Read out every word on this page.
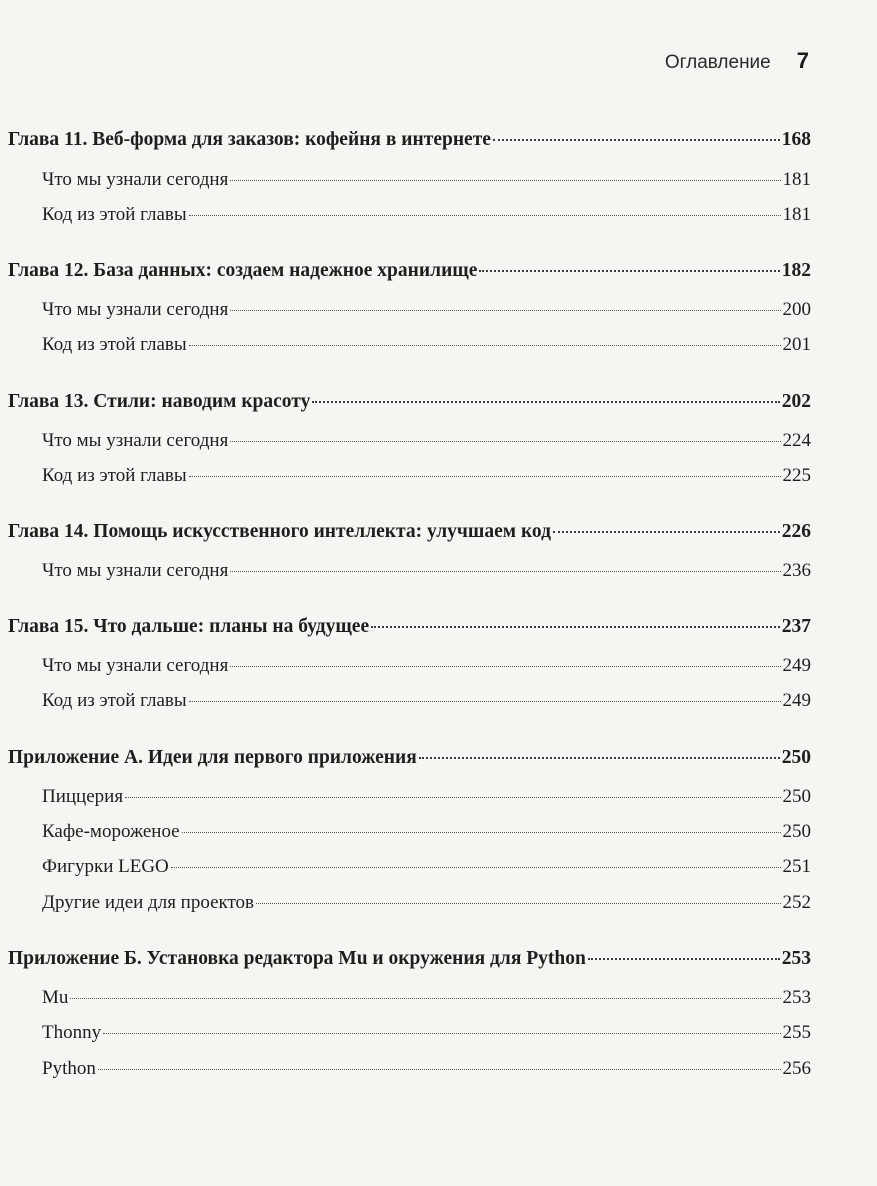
Оглавление 7
Глава 11. Веб-форма для заказов: кофейня в интернете	168
Что мы узнали сегодня	181
Код из этой главы	181
Глава 12. База данных: создаем надежное хранилище	182
Что мы узнали сегодня	200
Код из этой главы	201
Глава 13. Стили: наводим красоту	202
Что мы узнали сегодня	224
Код из этой главы	225
Глава 14. Помощь искусственного интеллекта: улучшаем код	226
Что мы узнали сегодня	236
Глава 15. Что дальше: планы на будущее	237
Что мы узнали сегодня	249
Код из этой главы	249
Приложение А. Идеи для первого приложения	250
Пиццерия	250
Кафе-мороженое	250
Фигурки LEGO	251
Другие идеи для проектов	252
Приложение Б. Установка редактора Mu и окружения для Python	253
Mu	253
Thonny	255
Python	256
